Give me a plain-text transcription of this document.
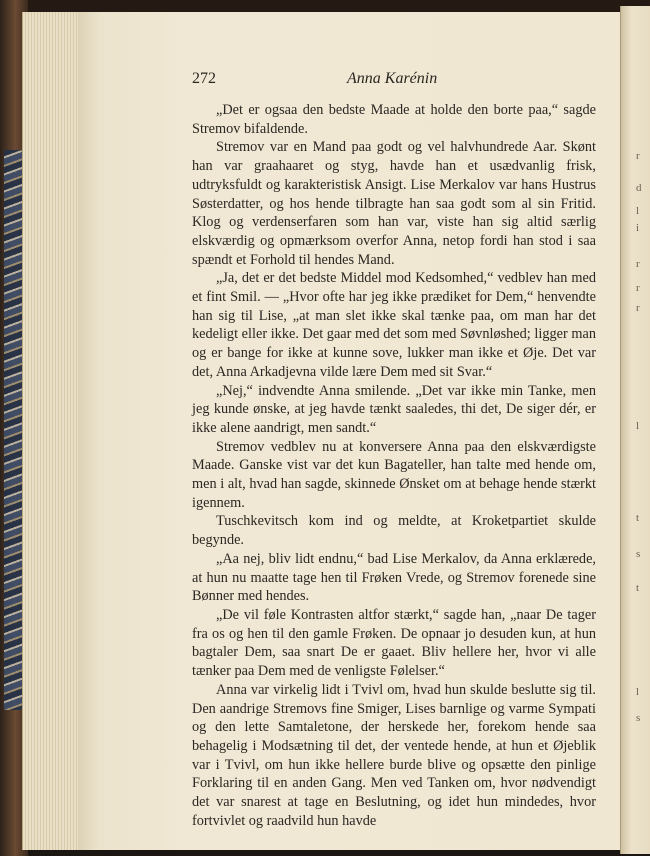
272	Anna Karénin

„Det er ogsaa den bedste Maade at holde den borte paa,“ sagde Stremov bifaldende.

Stremov var en Mand paa godt og vel halvhundrede Aar. Skønt han var graahaaret og styg, havde han et usædvanlig frisk, udtryksfuldt og karakteristisk Ansigt. Lise Merkalov var hans Hustrus Søsterdatter, og hos hende tilbragte han saa godt som al sin Fritid. Klog og verdenserfaren som han var, viste han sig altid særlig elskværdig og opmærksom overfor Anna, netop fordi han stod i saa spændt et Forhold til hendes Mand.

„Ja, det er det bedste Middel mod Kedsomhed,“ vedblev han med et fint Smil. — „Hvor ofte har jeg ikke prædiket for Dem,“ henvendte han sig til Lise, „at man slet ikke skal tænke paa, om man har det kedeligt eller ikke. Det gaar med det som med Søvnløshed; ligger man og er bange for ikke at kunne sove, lukker man ikke et Øje. Det var det, Anna Arkadjevna vilde lære Dem med sit Svar.“

„Nej,“ indvendte Anna smilende. „Det var ikke min Tanke, men jeg kunde ønske, at jeg havde tænkt saaledes, thi det, De siger dér, er ikke alene aandrigt, men sandt.“

Stremov vedblev nu at konversere Anna paa den elskværdigste Maade. Ganske vist var det kun Bagateller, han talte med hende om, men i alt, hvad han sagde, skinnede Ønsket om at behage hende stærkt igennem.

Tuschkevitsch kom ind og meldte, at Kroketpartiet skulde begynde.

„Aa nej, bliv lidt endnu,“ bad Lise Merkalov, da Anna erklærede, at hun nu maatte tage hen til Frøken Vrede, og Stremov forenede sine Bønner med hendes.

„De vil føle Kontrasten altfor stærkt,“ sagde han, „naar De tager fra os og hen til den gamle Frøken. De opnaar jo desuden kun, at hun bagtaler Dem, saa snart De er gaaet. Bliv hellere her, hvor vi alle tænker paa Dem med de venligste Følelser.“

Anna var virkelig lidt i Tvivl om, hvad hun skulde beslutte sig til. Den aandrige Stremovs fine Smiger, Lises barnlige og varme Sympati og den lette Samtaletone, der herskede her, forekom hende saa behagelig i Modsætning til det, der ventede hende, at hun et Øjeblik var i Tvivl, om hun ikke hellere burde blive og opsætte den pinlige Forklaring til en anden Gang. Men ved Tanken om, hvor nødvendigt det var snarest at tage en Beslutning, og idet hun mindedes, hvor fortvivlet og raadvild hun havde

r
d
l
i
r
r
r
l
t
s
t
l
s
